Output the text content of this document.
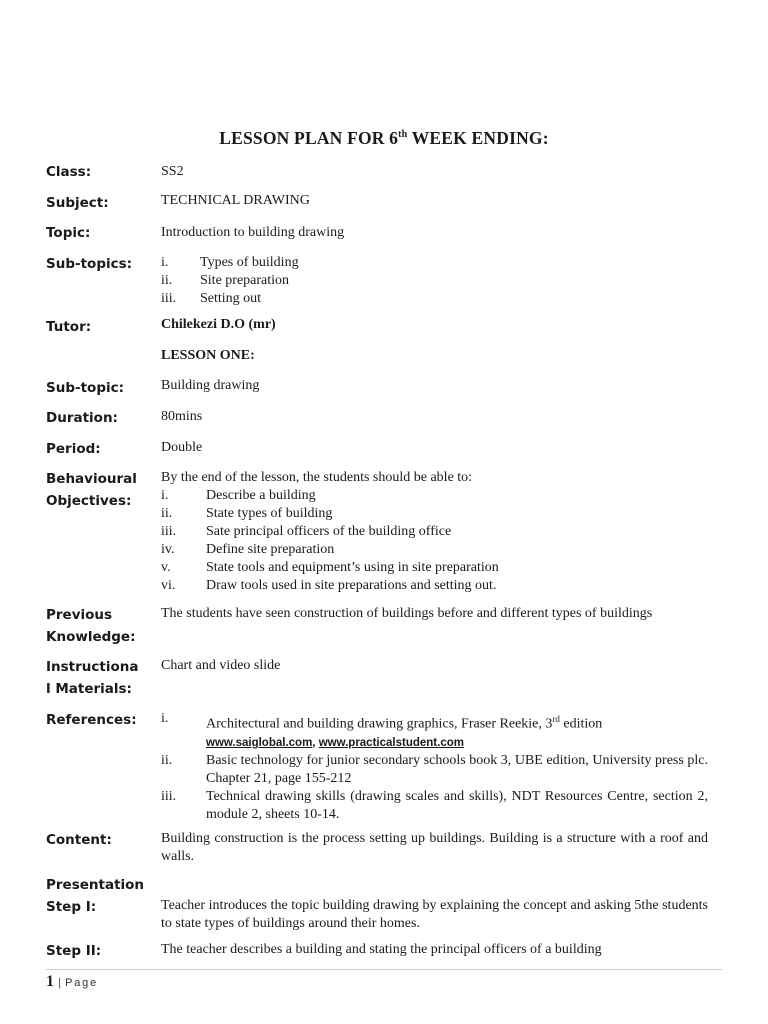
LESSON PLAN FOR 6th WEEK ENDING:
Class:	SS2
Subject:	TECHNICAL DRAWING
Topic:	Introduction to building drawing
Sub-topics:	i.	Types of building
ii.	Site preparation
iii.	Setting out
Tutor:	Chilekezi D.O (mr)
LESSON ONE:
Sub-topic:	Building drawing
Duration:	80mins
Period:	Double
Behavioural
Objectives:
By the end of the lesson, the students should be able to:
i.	Describe a building
ii.	State types of building
iii.	Sate principal officers of the building office
iv.	Define site preparation
v.	State tools and equipment’s using in site preparation
vi.	Draw tools used in site preparations and setting out.
Previous
Knowledge:
The students have seen construction of buildings before and different types of buildings
Instructiona
l Materials:
Chart and video slide
References:	i.	Architectural and building drawing graphics, Fraser Reekie, 3rd edition
www.saiglobal.com, www.practicalstudent.com
ii.	Basic technology for junior secondary schools book 3, UBE edition, University press plc. Chapter 21, page 155-212
iii.	Technical drawing skills (drawing scales and skills), NDT Resources Centre, section 2, module 2, sheets 10-14.
Content:	Building construction is the process setting up buildings. Building is a structure with a roof and walls.
Presentation
Step I:	Teacher introduces the topic building drawing by explaining the concept and asking 5the students to state types of buildings around their homes.
Step II:	The teacher describes a building and stating the principal officers of a building
1 | Page
